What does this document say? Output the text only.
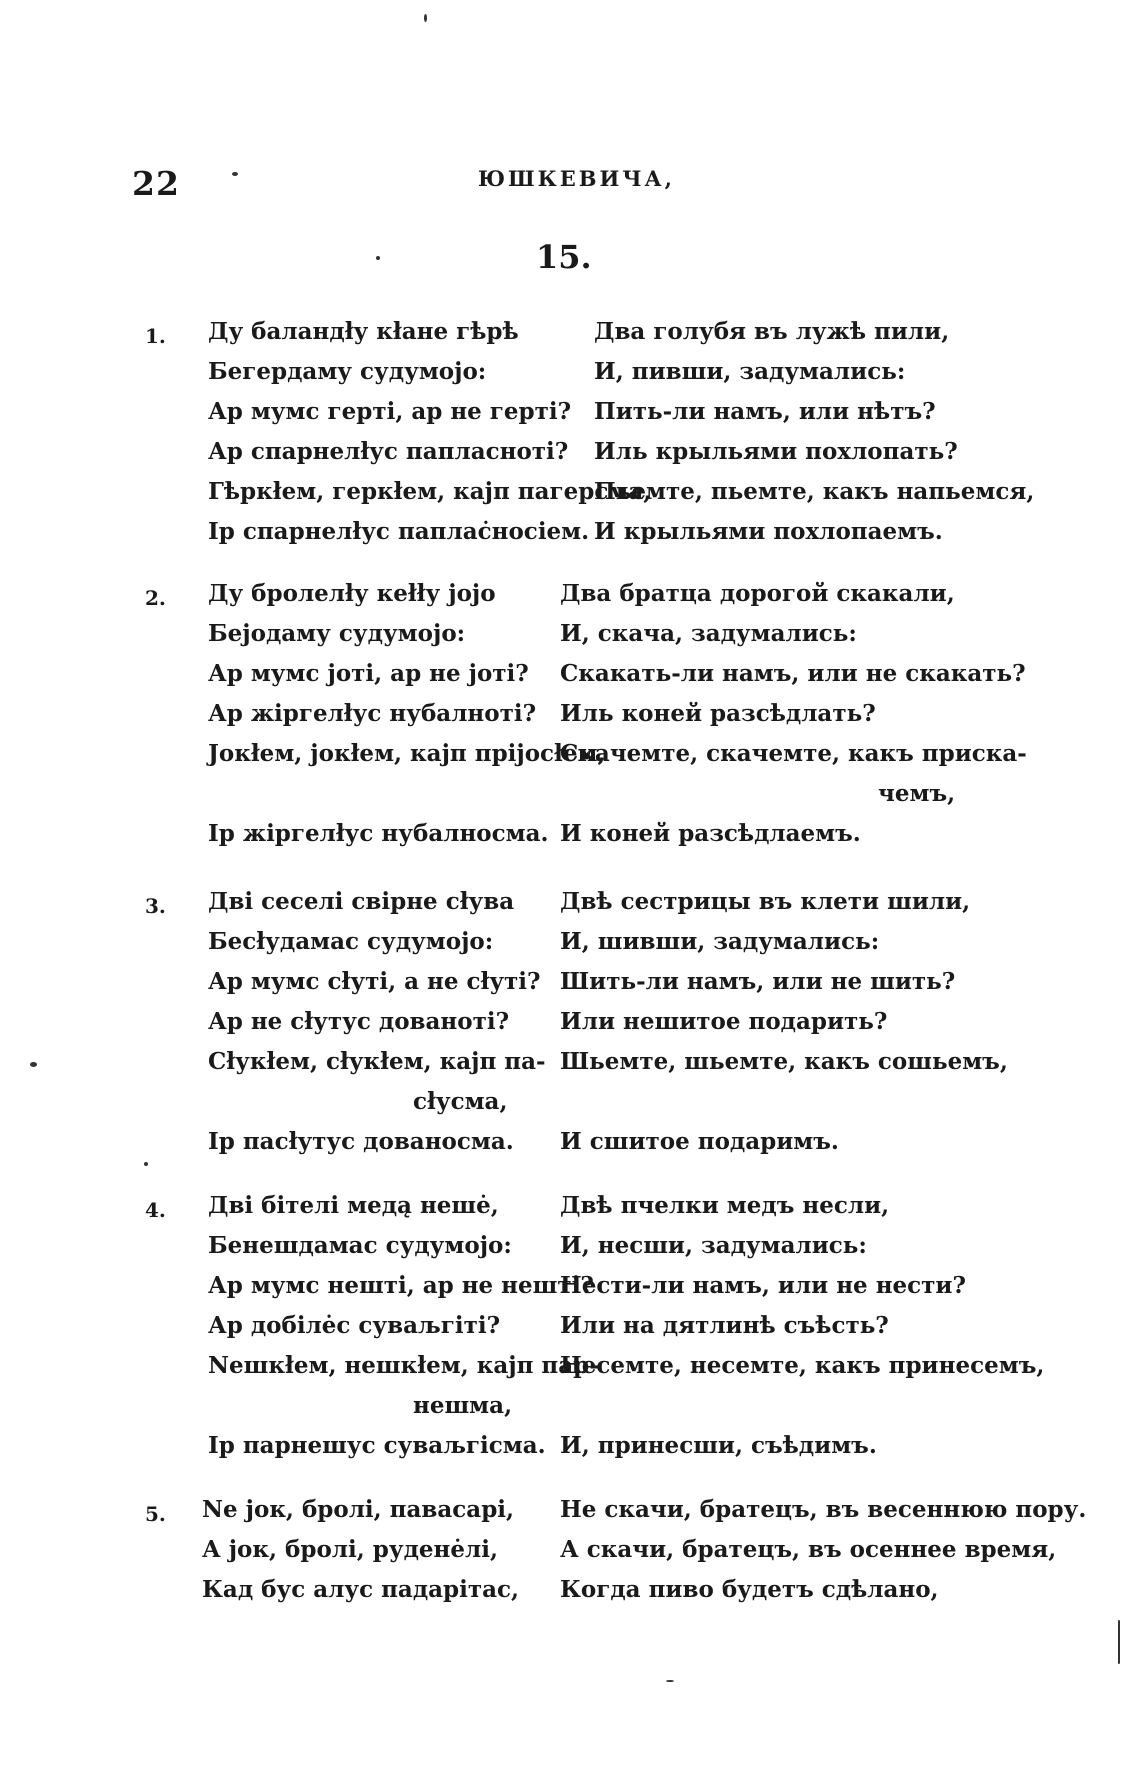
22	ЮШКЕВИЧА,
15.
1. Ду баландłу кłане гѣрѣ
Бегердаму судумојо:
Ар мумс герті, ар не герті?
Ар спарнелłус папласнотi?
Гѣркłем, геркłем, кајп пагерсма,
Ір спарнелłус паплас̇носіем.
Два голубя въ лужѣ пили,
И, пивши, задумались:
Пить-ли намъ, или нѣтъ?
Иль крыльями похлопать?
Пьемте, пьемте, какъ напьемся,
И крыльями похлопаемъ.
2. Ду бролелłу кеłłу јојо
Бејодаму судумојо:
Ар мумс јоті, ар не јоті?
Ар жіргелłус нубалноті?
Јокłем, јокłем, кајп пріјосłем,
Ір жіргелłус нубалносма.
Два братца дорогой скакали,
И, скача, задумались:
Скакать-ли намъ, или не скакать?
Иль коней разсѣдлать?
Скачемте, скачемте, какъ прискa-
чемъ,
И коней разсѣдлаемъ.
3. Дві сеселі свірне сłува
Бесłудамас судумојо:
Ар мумс сłуті, а не сłуті?
Ар не сłутус дованоті?
Сłукłем, сłукłем, кајп па-
сłусма,
Ір пасłутус дованосма.
Двѣ сестрицы въ клети шили,
И, шивши, задумались:
Шить-ли намъ, или не шить?
Или нешитое подарить?
Шьемте, шьемте, какъ сошьемъ,
И сшитое подаримъ.
4. Дві бітелі медą нешė,
Бенешдамас судумојо:
Ар мумс нешті, ар не нешті?
Ар добілėс суваљгіті?
Nешкłем, нешкłем, кајп пар-
нешма,
Ір парнешус суваљгісма.
Двѣ пчелки медъ несли,
И, несши, задумались:
Нести-ли намъ, или не нести?
Или на дятлинѣ съѣсть?
Несемте, несемте, какъ принесемъ,
И, принесши, съѣдимъ.
5. Nе јок, бролі, павасарі,
А јок, бролі, руденėлі,
Кад бус алус падарітас,
Не скачи, братецъ, въ весеннюю пору.
А скачи, братецъ, въ осеннее время,
Когда пиво будетъ сдѣлано,
